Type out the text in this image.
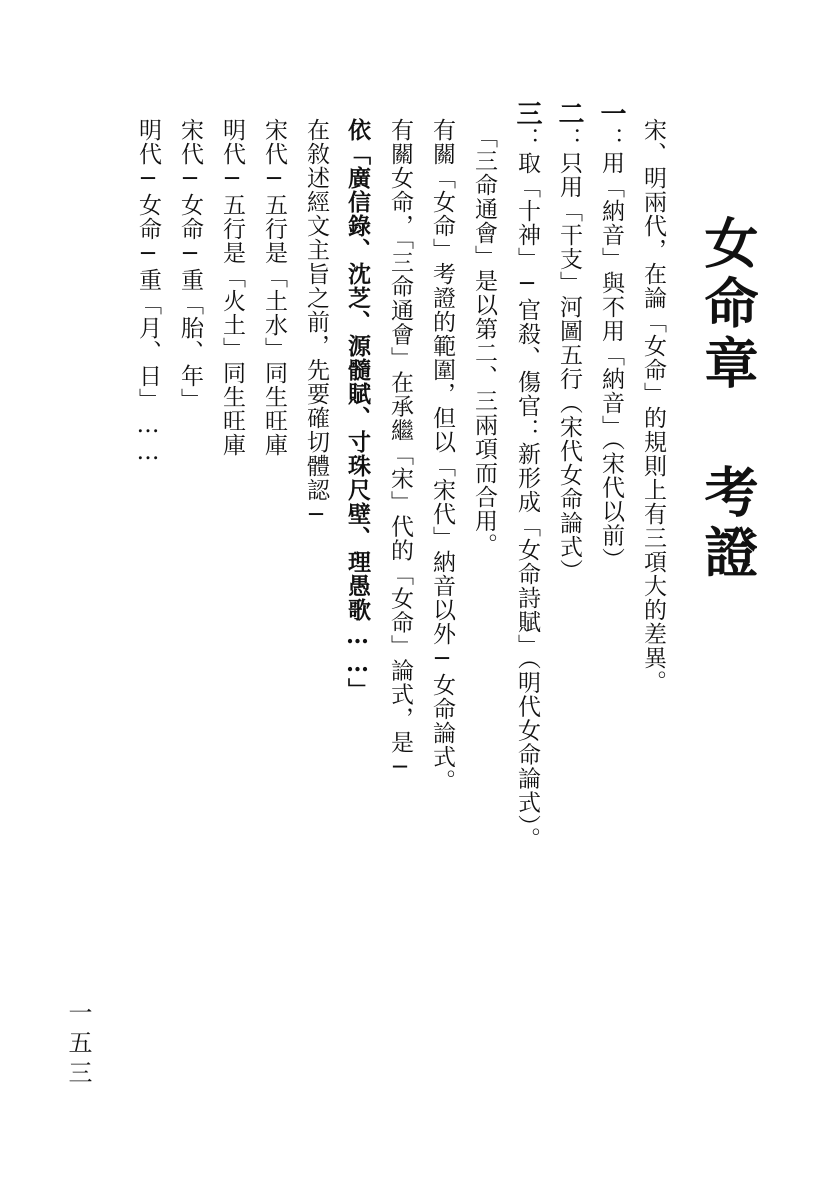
女命章 考證
宋、明兩代，在論「女命」的規則上有三項大的差異。
一：用「納音」與不用「納音」（宋代以前）
二：只用「干支」河圖五行（宋代女命論式）
三：取「十神」─官殺、傷官：新形成「女命詩賦」（明代女命論式）。
「三命通會」是以第二、三兩項而合用。
有關「女命」考證的範圍，但以「宋代」納音以外─女命論式。
有關女命，「三命通會」在承繼「宋」代的「女命」論式，是─
依「廣信錄、沈芝、源髓賦、寸珠尺壁、理愚歌……」
在敘述經文主旨之前，先要確切體認─
宋代─五行是「土水」同生旺庫
明代─五行是「火土」同生旺庫
宋代─女命─重「胎、年」
明代─女命─重「月、日」……
一五三
